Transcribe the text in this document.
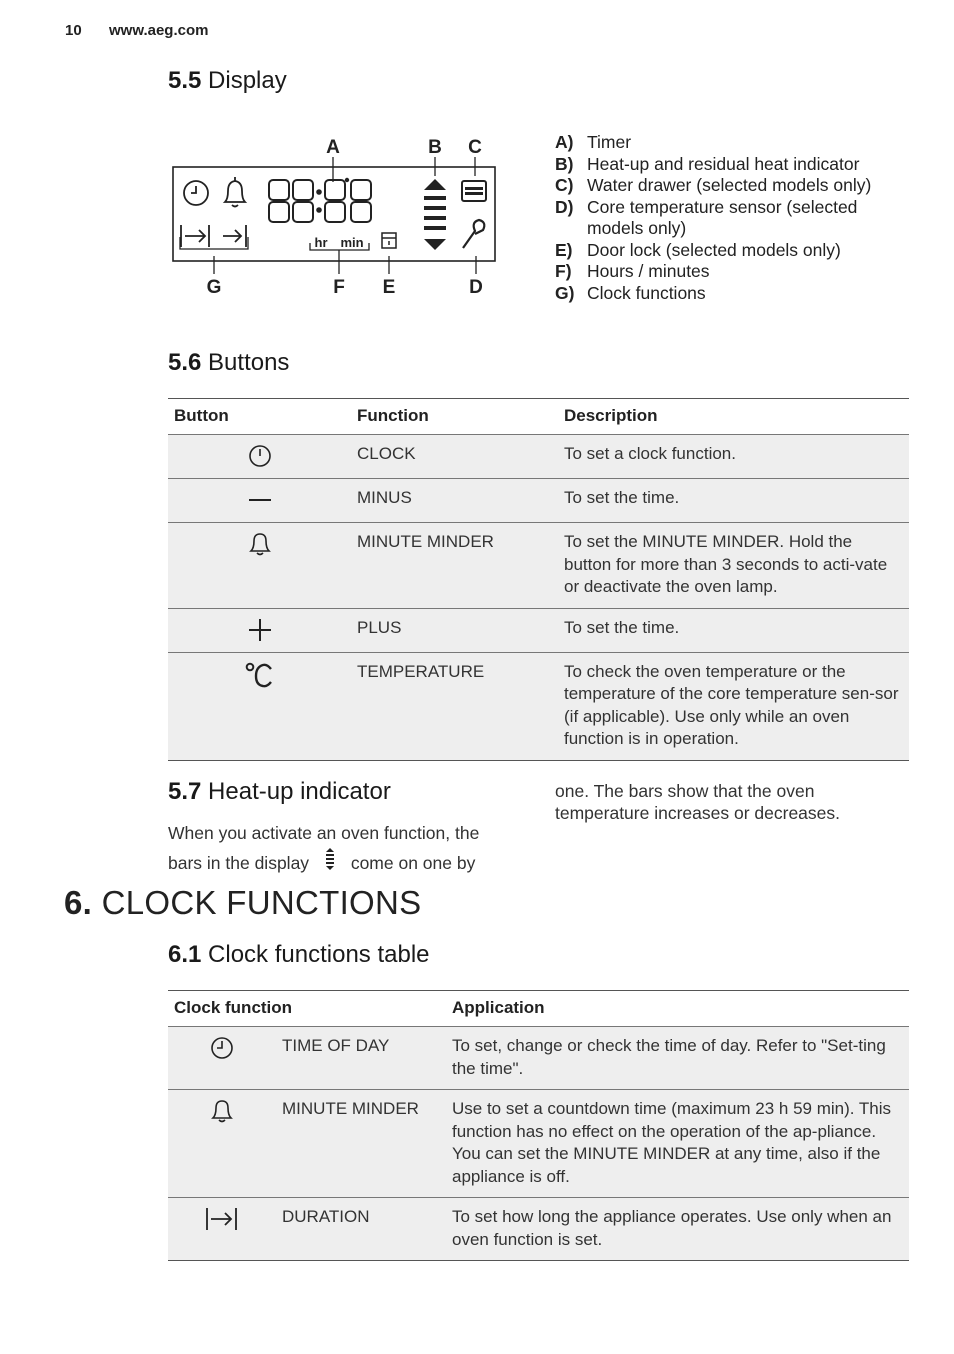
10 www.aeg.com
5.5 Display
A	B C
G	F E	D
hr min
A) Timer
B) Heat-up and residual heat indicator
C) Water drawer (selected models only)
D) Core temperature sensor (selected models only)
E) Door lock (selected models only)
F) Hours / minutes
G) Clock functions
5.6 Buttons
Button	Function	Description
	CLOCK	To set a clock function.
	MINUS	To set the time.
	MINUTE MINDER	To set the MINUTE MINDER. Hold the button for more than 3 seconds to acti-vate or deactivate the oven lamp.
	PLUS	To set the time.
	TEMPERATURE	To check the oven temperature or the temperature of the core temperature sen-sor (if applicable). Use only while an oven function is in operation.
5.7 Heat-up indicator
When you activate an oven function, the
bars in the display come on one by
one. The bars show that the oven temperature increases or decreases.
6. CLOCK FUNCTIONS
6.1 Clock functions table
Clock function		Application
	TIME OF DAY	To set, change or check the time of day. Refer to "Set-ting the time".
	MINUTE MINDER	Use to set a countdown time (maximum 23 h 59 min). This function has no effect on the operation of the ap-pliance. You can set the MINUTE MINDER at any time, also if the appliance is off.
	DURATION	To set how long the appliance operates. Use only when an oven function is set.
